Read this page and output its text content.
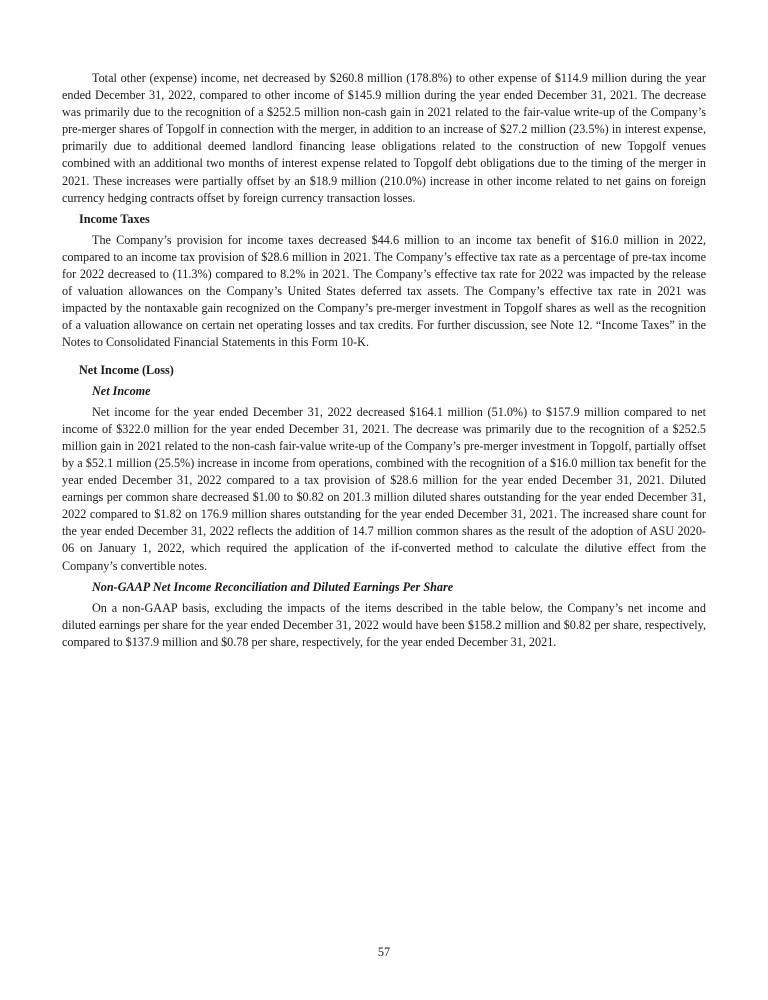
Total other (expense) income, net decreased by $260.8 million (178.8%) to other expense of $114.9 million during the year ended December 31, 2022, compared to other income of $145.9 million during the year ended December 31, 2021. The decrease was primarily due to the recognition of a $252.5 million non-cash gain in 2021 related to the fair-value write-up of the Company’s pre-merger shares of Topgolf in connection with the merger, in addition to an increase of $27.2 million (23.5%) in interest expense, primarily due to additional deemed landlord financing lease obligations related to the construction of new Topgolf venues combined with an additional two months of interest expense related to Topgolf debt obligations due to the timing of the merger in 2021. These increases were partially offset by an $18.9 million (210.0%) increase in other income related to net gains on foreign currency hedging contracts offset by foreign currency transaction losses.

Income Taxes

The Company’s provision for income taxes decreased $44.6 million to an income tax benefit of $16.0 million in 2022, compared to an income tax provision of $28.6 million in 2021. The Company’s effective tax rate as a percentage of pre-tax income for 2022 decreased to (11.3%) compared to 8.2% in 2021. The Company’s effective tax rate for 2022 was impacted by the release of valuation allowances on the Company’s United States deferred tax assets. The Company’s effective tax rate in 2021 was impacted by the nontaxable gain recognized on the Company’s pre-merger investment in Topgolf shares as well as the recognition of a valuation allowance on certain net operating losses and tax credits. For further discussion, see Note 12. “Income Taxes” in the Notes to Consolidated Financial Statements in this Form 10-K.

Net Income (Loss)
Net Income

Net income for the year ended December 31, 2022 decreased $164.1 million (51.0%) to $157.9 million compared to net income of $322.0 million for the year ended December 31, 2021. The decrease was primarily due to the recognition of a $252.5 million gain in 2021 related to the non-cash fair-value write-up of the Company’s pre-merger investment in Topgolf, partially offset by a $52.1 million (25.5%) increase in income from operations, combined with the recognition of a $16.0 million tax benefit for the year ended December 31, 2022 compared to a tax provision of $28.6 million for the year ended December 31, 2021. Diluted earnings per common share decreased $1.00 to $0.82 on 201.3 million diluted shares outstanding for the year ended December 31, 2022 compared to $1.82 on 176.9 million shares outstanding for the year ended December 31, 2021. The increased share count for the year ended December 31, 2022 reflects the addition of 14.7 million common shares as the result of the adoption of ASU 2020-06 on January 1, 2022, which required the application of the if-converted method to calculate the dilutive effect from the Company’s convertible notes.

Non-GAAP Net Income Reconciliation and Diluted Earnings Per Share

On a non-GAAP basis, excluding the impacts of the items described in the table below, the Company’s net income and diluted earnings per share for the year ended December 31, 2022 would have been $158.2 million and $0.82 per share, respectively, compared to $137.9 million and $0.78 per share, respectively, for the year ended December 31, 2021.

57
